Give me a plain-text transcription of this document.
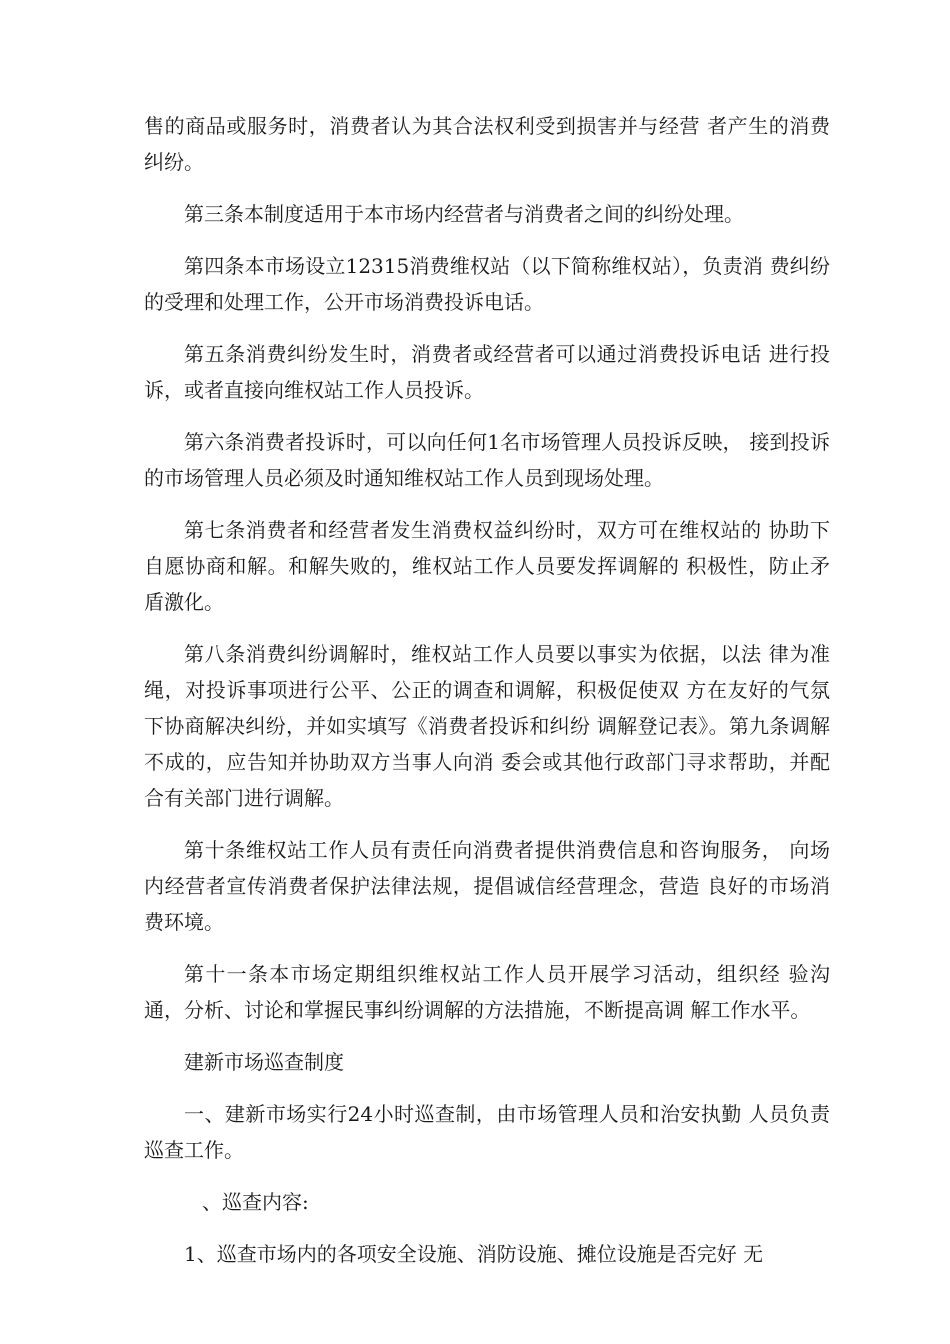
售的商品或服务时，消费者认为其合法权利受到损害并与经营 者产生的消费纠纷。

第三条本制度适用于本市场内经营者与消费者之间的纠纷处理。

第四条本市场设立12315消费维权站（以下简称维权站），负责消 费纠纷的受理和处理工作，公开市场消费投诉电话。

第五条消费纠纷发生时，消费者或经营者可以通过消费投诉电话 进行投诉，或者直接向维权站工作人员投诉。

第六条消费者投诉时，可以向任何1名市场管理人员投诉反映， 接到投诉的市场管理人员必须及时通知维权站工作人员到现场处理。

第七条消费者和经营者发生消费权益纠纷时，双方可在维权站的 协助下自愿协商和解。和解失败的，维权站工作人员要发挥调解的 积极性，防止矛盾激化。

第八条消费纠纷调解时，维权站工作人员要以事实为依据，以法 律为准绳，对投诉事项进行公平、公正的调查和调解，积极促使双 方在友好的气氛下协商解决纠纷，并如实填写《消费者投诉和纠纷 调解登记表》。第九条调解不成的，应告知并协助双方当事人向消 委会或其他行政部门寻求帮助，并配合有关部门进行调解。

第十条维权站工作人员有责任向消费者提供消费信息和咨询服务， 向场内经营者宣传消费者保护法律法规，提倡诚信经营理念，营造 良好的市场消费环境。

第十一条本市场定期组织维权站工作人员开展学习活动，组织经 验沟通，分析、讨论和掌握民事纠纷调解的方法措施，不断提高调 解工作水平。

建新市场巡查制度

一、建新市场实行24小时巡查制，由市场管理人员和治安执勤 人员负责巡查工作。

、巡查内容:

1、巡查市场内的各项安全设施、消防设施、摊位设施是否完好 无
